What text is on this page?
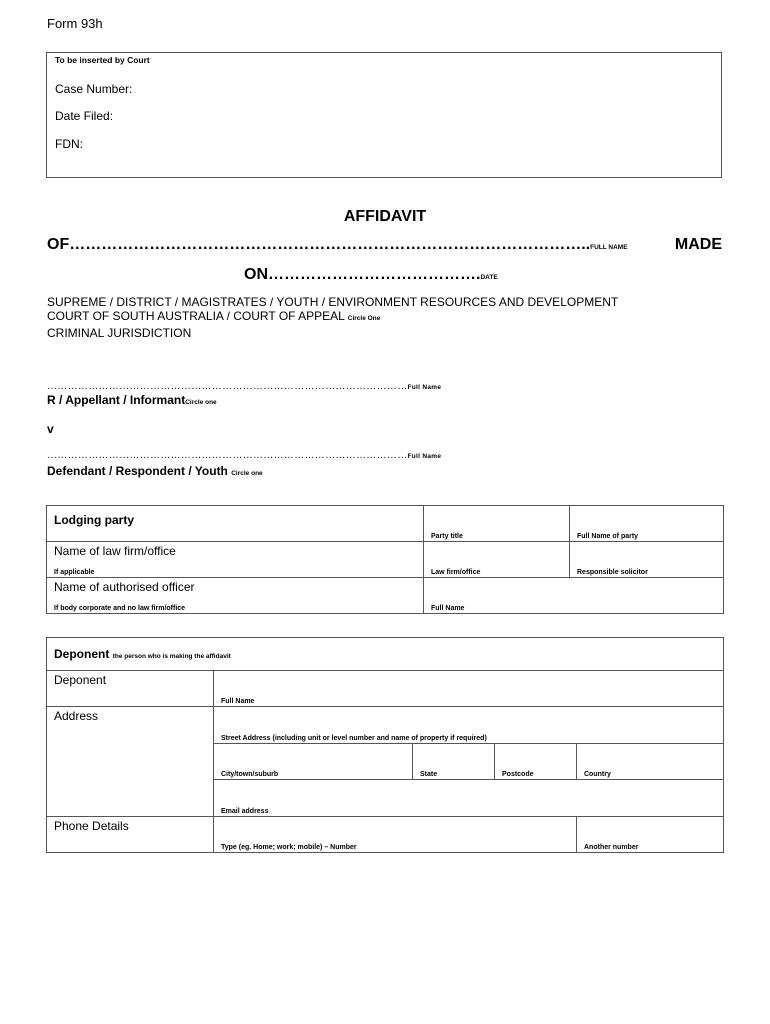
Form 93h
To be inserted by Court
Case Number:
Date Filed:
FDN:
AFFIDAVIT
OF……………………………………………………………………………………..FULL NAME	MADE
ON………………………………….DATE
SUPREME / DISTRICT / MAGISTRATES / YOUTH / ENVIRONMENT RESOURCES AND DEVELOPMENT
COURT OF SOUTH AUSTRALIA / COURT OF APPEAL Circle One
CRIMINAL JURISDICTION
……………………………………………………………………………………………Full Name
R / Appellant / InformantCircle one
v
……………………………………………………………………………………………Full Name
Defendant / Respondent / Youth Circle one
Lodging party	Party title	Full Name of party

Name of law firm/office
If applicable	Law firm/office	Responsible solicitor

Name of authorised officer
If body corporate and no law firm/office	Full Name	
Deponent the person who is making the affidavit				

Deponent	Full Name			

Address	Street Address (including unit or level number and name of property if required)			

	City/town/suburb	State	Postcode	Country

	Email address			

Phone Details	Type (eg. Home; work; mobile) – Number			Another number
